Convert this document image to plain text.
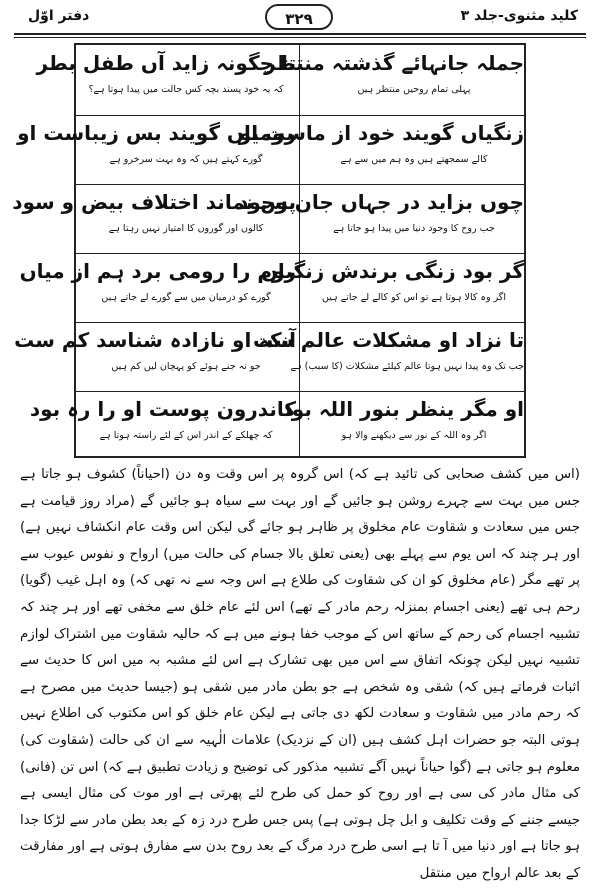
کلید مثنوی-جلد ۳
۳۲۹
دفتر اوّل
جملہ جانہائے گذشتہ منتظر
تا چگونہ زاید آں طفل بطر
پہلی تمام روحیں منتظر ہیں
کہ یہ خود پسند بچہ کس حالت میں پیدا ہوتا ہے؟
زنگیاں گویند خود از ماست او
رومیاں گویند بس زیباست او
کالے سمجھتے ہیں وہ ہم میں سے ہے
گورے کہتے ہیں کہ وہ بہت سرخرو ہے
چوں بزاید در جہاں جان وجود
پس نماند اختلاف بیض و سود
جب روح کا وجود دنیا میں پیدا ہو جاتا ہے
کالوں اور گوروں کا امتیاز نہیں رہتا ہے
گر بود زنگی برندش زنگیاں
روم را رومی برد ہم از میاں
اگر وہ کالا ہوتا ہے تو اس کو کالے لے جاتے ہیں
گورے کو درمیان میں سے گورے لے جاتے ہیں
تا نزاد او مشکلات عالم ست
آنکہ او نازادہ شناسد کم ست
جب تک وہ پیدا نہیں ہوتا عالم کیلئے مشکلات (کا سبب) ہے
جو نہ جنے ہوئے کو پہچان لیں کم ہیں
او مگر ینظر بنور اللہ بود
کاندرون پوست او را رہ بود
اگر وہ اللہ کے نور سے دیکھنے والا ہو
کہ چھلکے کے اندر اس کے لئے راستہ ہوتا ہے

(اس میں کشف صحابی کی تائید ہے کہ) اس گروہ پر اس وقت وہ دن (احیاناً) کشوف ہو جاتا ہے جس میں بہت سے چہرے روشن ہو جائیں گے اور بہت سے سیاہ ہو جائیں گے (مراد روز قیامت ہے جس میں سعادت و شقاوت عام مخلوق پر ظاہر ہو جائے گی لیکن اس وقت عام انکشاف نہیں ہے) اور ہر چند کہ اس یوم سے پہلے بھی (یعنی تعلق بالا جسام کی حالت میں) ارواح و نفوس عیوب سے پر تھے مگر (عام مخلوق کو ان کی شقاوت کی طلاع ہے اس وجہ سے نہ تھی کہ) وہ اہل غیب (گویا) رحم ہی تھے (یعنی اجسام بمنزلہ رحم مادر کے تھے) اس لئے عام خلق سے مخفی تھے اور ہر چند کہ تشبیہ اجسام کی رحم کے ساتھ اس کے موجب خفا ہونے میں ہے کہ حالیہ شقاوت میں اشتراک لوازم تشبیہ نہیں لیکن چونکہ اتفاق سے اس میں بھی تشارک ہے اس لئے مشبہ بہ میں اس کا حدیث سے اثبات فرماتے ہیں کہ) شقی وہ شخص ہے جو بطن مادر میں شقی ہو (جیسا حدیث میں مصرح ہے کہ رحم مادر میں شقاوت و سعادت لکھ دی جاتی ہے لیکن عام خلق کو اس مکتوب کی اطلاع نہیں ہوتی البتہ جو حضرات اہل کشف ہیں (ان کے نزدیک) علامات الٰہیہ سے ان کی حالت (شقاوت کی) معلوم ہو جاتی ہے (گوا حیاناً نہیں آگے تشبیہ مذکور کی توضیح و زیادت تطبیق ہے کہ) اس تن (فانی) کی مثال مادر کی سی ہے اور روح کو حمل کی طرح لئے پھرتی ہے اور موت کی مثال ایسی ہے جیسے جننے کے وقت تکلیف و ابل چل ہوتی ہے) پس جس طرح درد زہ کے بعد بطن مادر سے لڑکا جدا ہو جاتا ہے اور دنیا میں آ تا ہے اسی طرح درد مرگ کے بعد روح بدن سے مفارق ہوتی ہے اور مفارقت کے بعد عالم ارواح میں منتقل
